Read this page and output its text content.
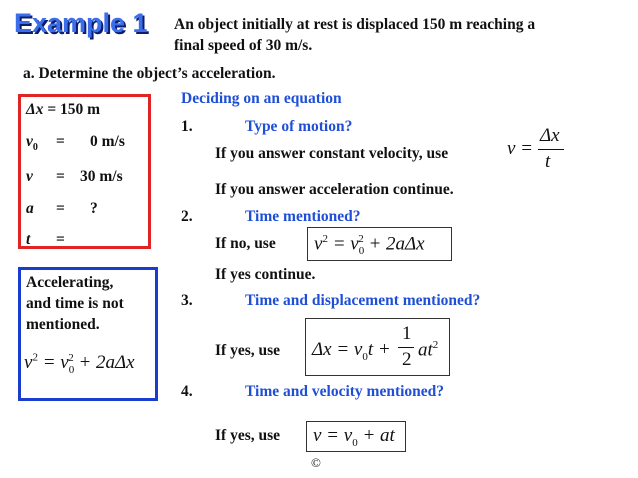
Example 1 An object initially at rest is displaced 150 m reaching a
final speed of 30 m/s.
a. Determine the object’s acceleration.
Δx = 150 m
$v_0 = 0$ m/s
v = 30 m/s
a = ?
t =
Accelerating,
and time is not
mentioned.
$v^2 = v_0^2 + 2a\Delta x$
Deciding on an equation
1.	Type of motion?
If you answer constant velocity, use	v =
Δx
t
If you answer acceleration continue.
2.	Time mentioned?
If no, use $v^2 = v_0^2 + 2a\Delta x$
If yes continue.
3.	Time and displacement mentioned?
If yes, use $\Delta x = v_0t$ +
1
2 $at^2$
4.	Time and velocity mentioned?
If yes, use $v = v_0$ + at
©
